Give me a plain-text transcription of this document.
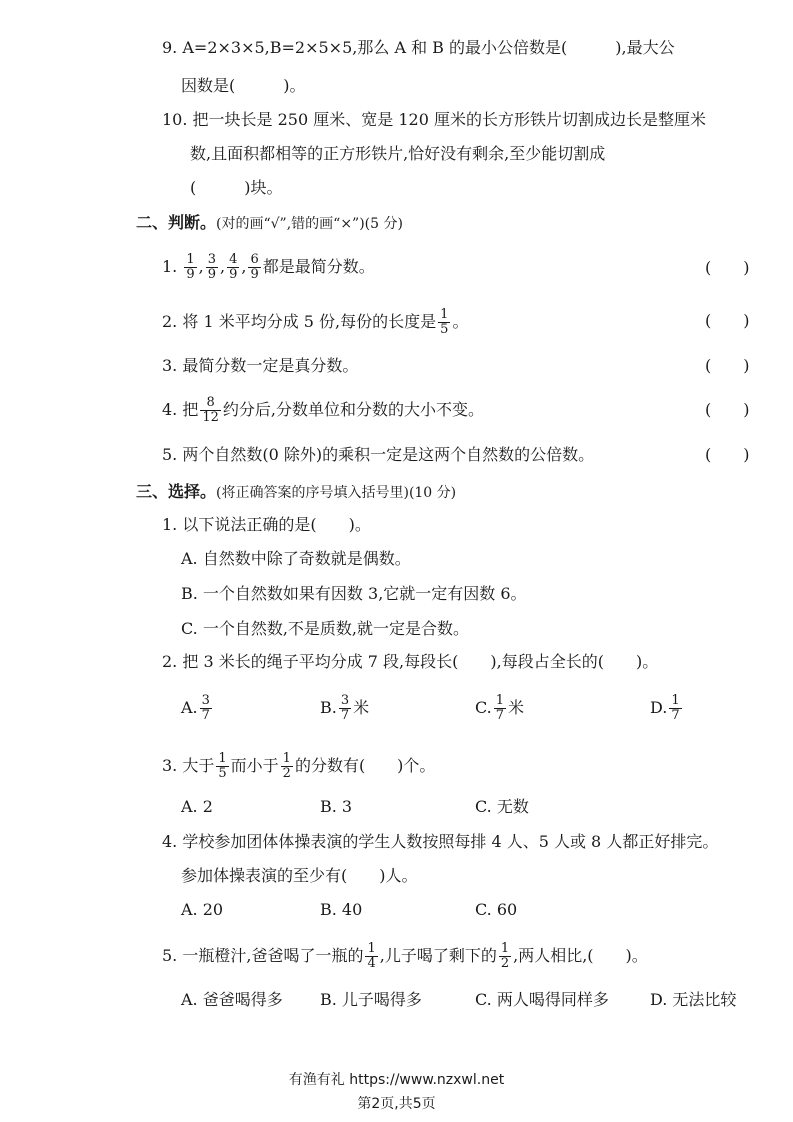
9. A=2×3×5,B=2×5×5,那么 A 和 B 的最小公倍数是(　　　),最大公
因数是(　　　)。
10. 把一块长是 250 厘米、宽是 120 厘米的长方形铁片切割成边长是整厘米
数,且面积都相等的正方形铁片,恰好没有剩余,至少能切割成
(　　　)块。
二、判断。(对的画“√”,错的画“×”)(5 分)
1. $\frac{1}{9}$ , $\frac{3}{9}$ , $\frac{4}{9}$ , $\frac{6}{9}$ 都是最简分数。	(　　)
2. 将 1 米平均分成 5 份,每份的长度是 $\frac{1}{5}$ 。	(　　)
3. 最简分数一定是真分数。	(　　)
4. 把 $\frac{8}{12}$ 约分后,分数单位和分数的大小不变。	(　　)
5. 两个自然数(0 除外)的乘积一定是这两个自然数的公倍数。	(　　)
三、选择。(将正确答案的序号填入括号里)(10 分)
1. 以下说法正确的是(　　)。
A. 自然数中除了奇数就是偶数。
B. 一个自然数如果有因数 3,它就一定有因数 6。
C. 一个自然数,不是质数,就一定是合数。
2. 把 3 米长的绳子平均分成 7 段,每段长(　　),每段占全长的(　　)。
A. $\frac{3}{7}$	B. $\frac{3}{7}$ 米	C. $\frac{1}{7}$ 米	D. $\frac{1}{7}$
3. 大于 $\frac{1}{5}$ 而小于 $\frac{1}{2}$ 的分数有(　　)个。
A. 2	B. 3	C. 无数
4. 学校参加团体体操表演的学生人数按照每排 4 人、5 人或 8 人都正好排完。
参加体操表演的至少有(　　)人。
A. 20	B. 40	C. 60
5. 一瓶橙汁,爸爸喝了一瓶的 $\frac{1}{4}$ ,儿子喝了剩下的 $\frac{1}{2}$ ,两人相比,(　　)。
A. 爸爸喝得多 B. 儿子喝得多	C. 两人喝得同样多	D. 无法比较
有渔有礼 https://www.nzxwl.net
第2页,共5页
